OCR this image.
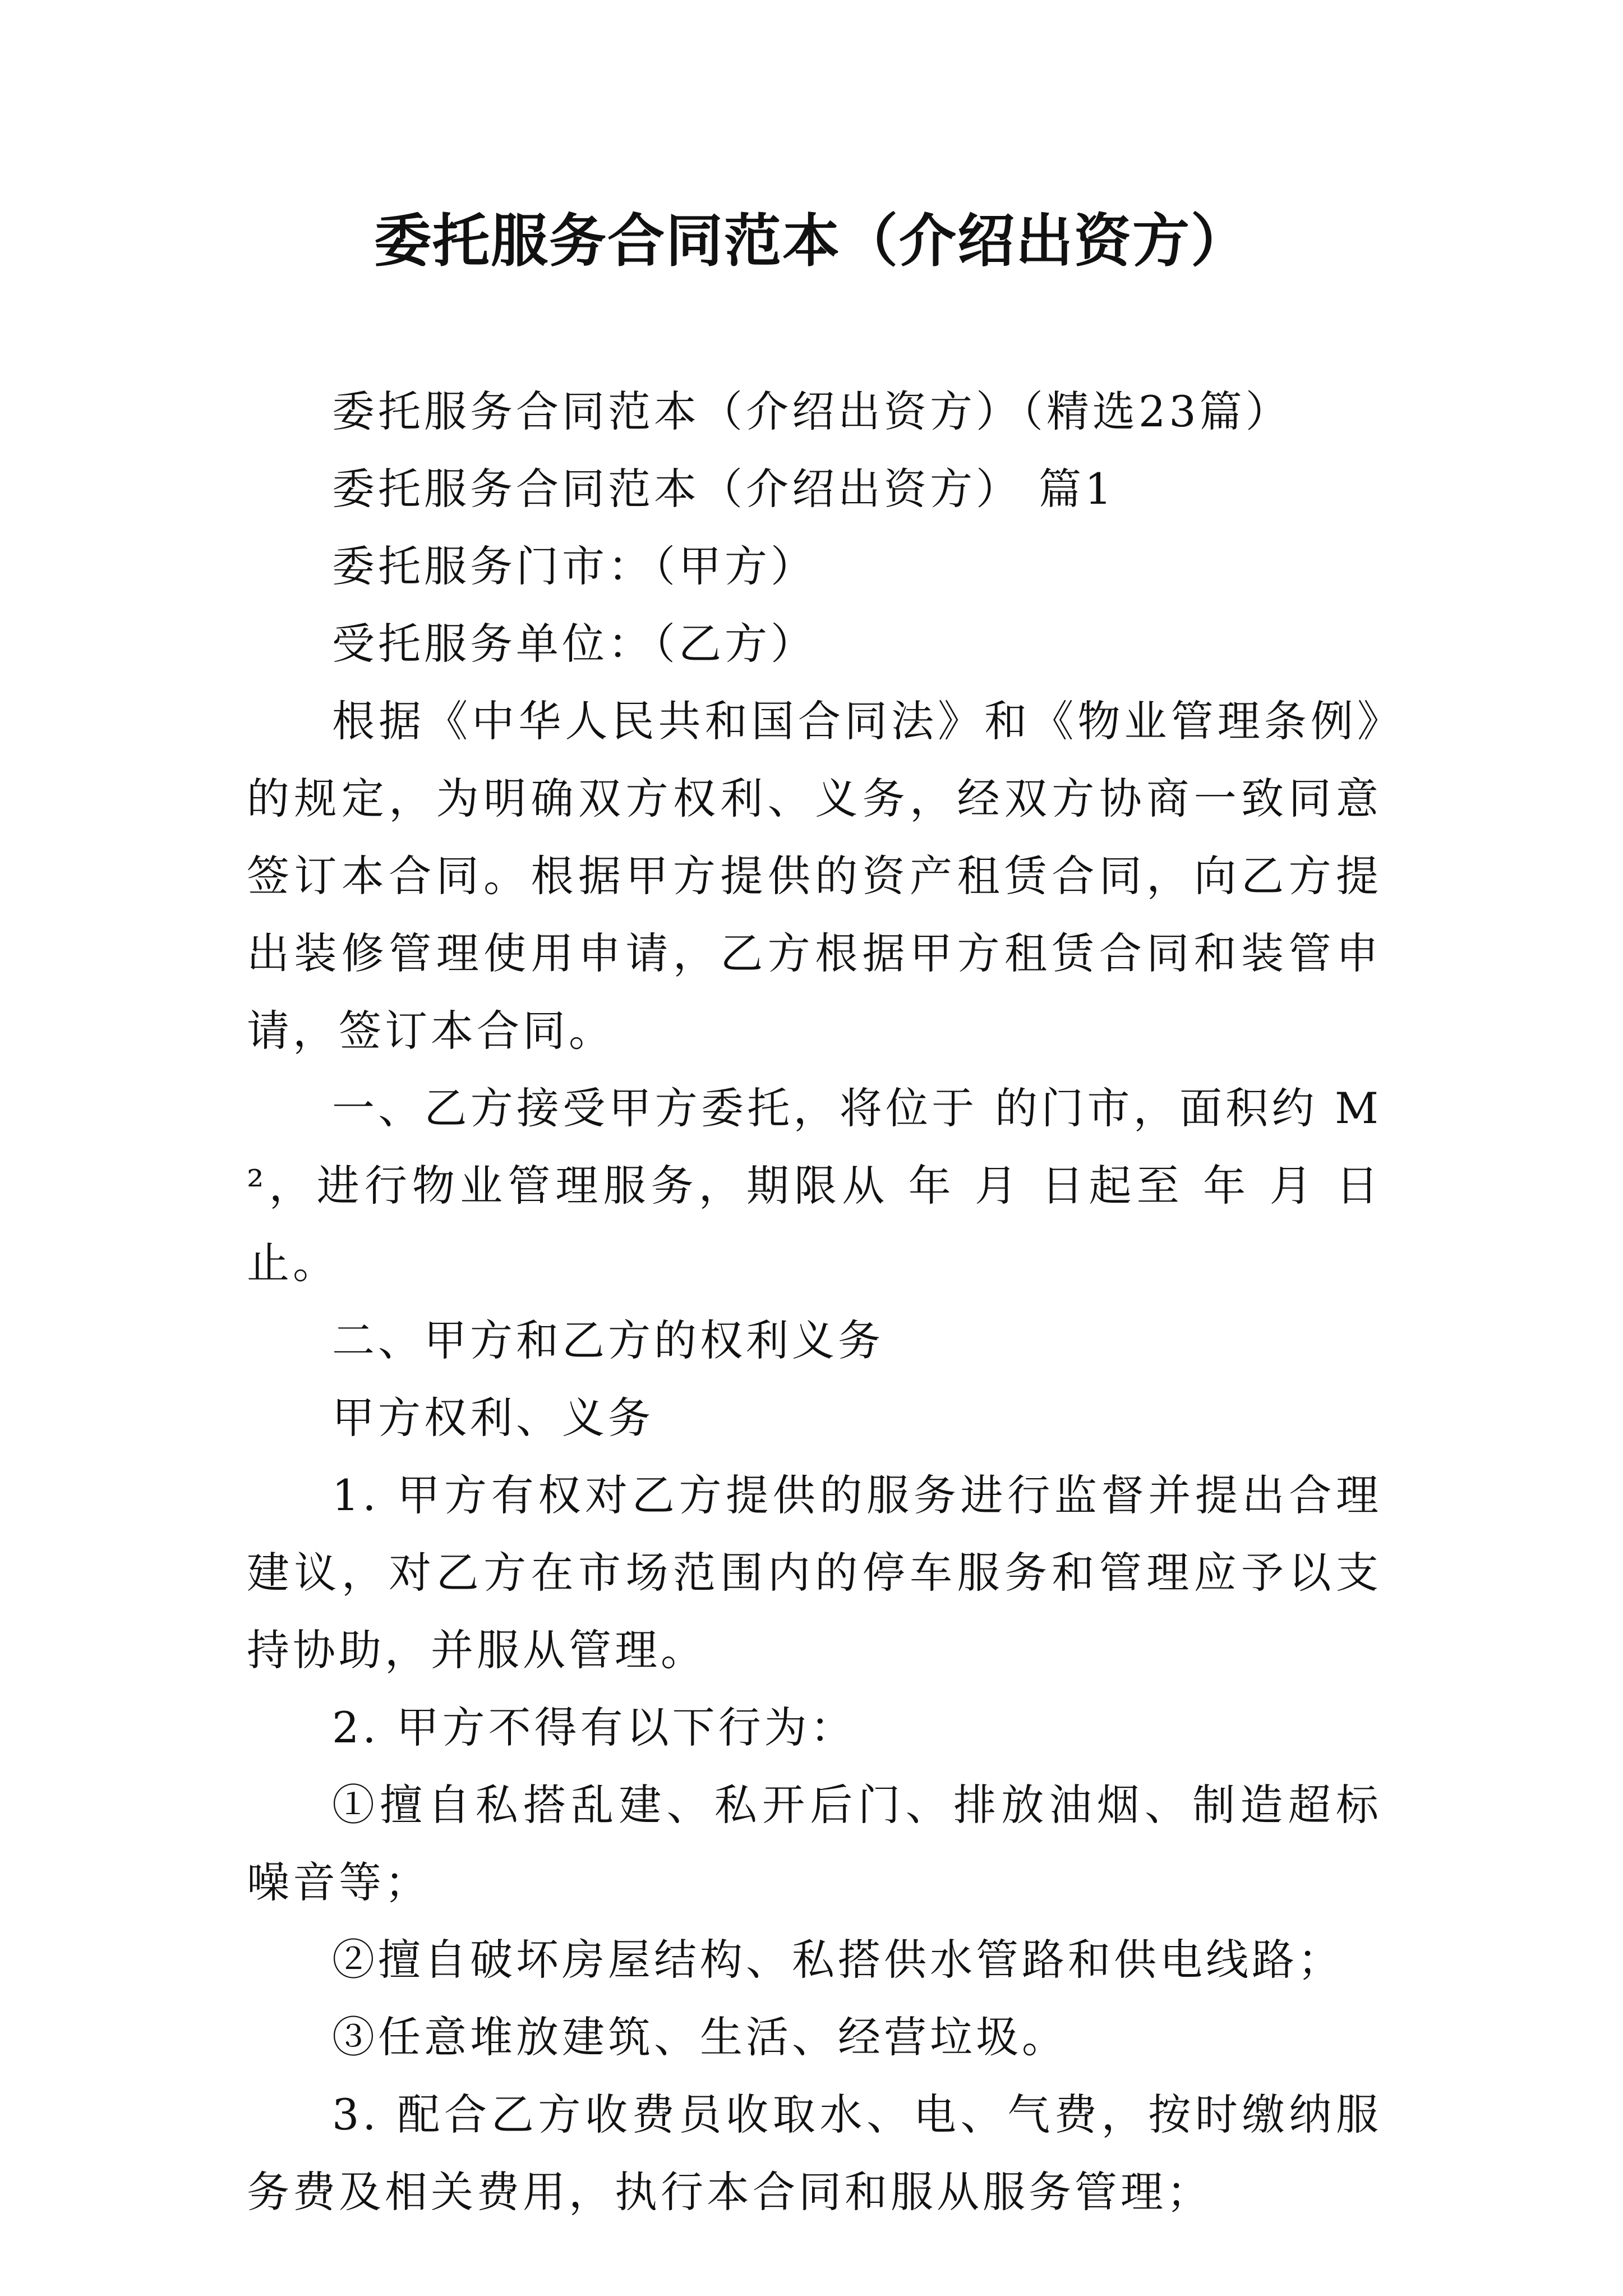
委托服务合同范本（介绍出资方）

委托服务合同范本（介绍出资方）（精选23篇）

委托服务合同范本（介绍出资方） 篇1

委托服务门市：（甲方）

受托服务单位：（乙方）

根据《中华人民共和国合同法》和《物业管理条例》的规定，为明确双方权利、义务，经双方协商一致同意签订本合同。根据甲方提供的资产租赁合同，向乙方提出装修管理使用申请，乙方根据甲方租赁合同和装管申请，签订本合同。

一、乙方接受甲方委托，将位于 的门市，面积约 M²，进行物业管理服务，期限从 年 月 日起至 年 月 日止。

二、甲方和乙方的权利义务

甲方权利、义务

1. 甲方有权对乙方提供的服务进行监督并提出合理建议，对乙方在市场范围内的停车服务和管理应予以支持协助，并服从管理。

2. 甲方不得有以下行为：

①擅自私搭乱建、私开后门、排放油烟、制造超标噪音等；

②擅自破坏房屋结构、私搭供水管路和供电线路；

③任意堆放建筑、生活、经营垃圾。

3. 配合乙方收费员收取水、电、气费，按时缴纳服务费及相关费用，执行本合同和服从服务管理；
